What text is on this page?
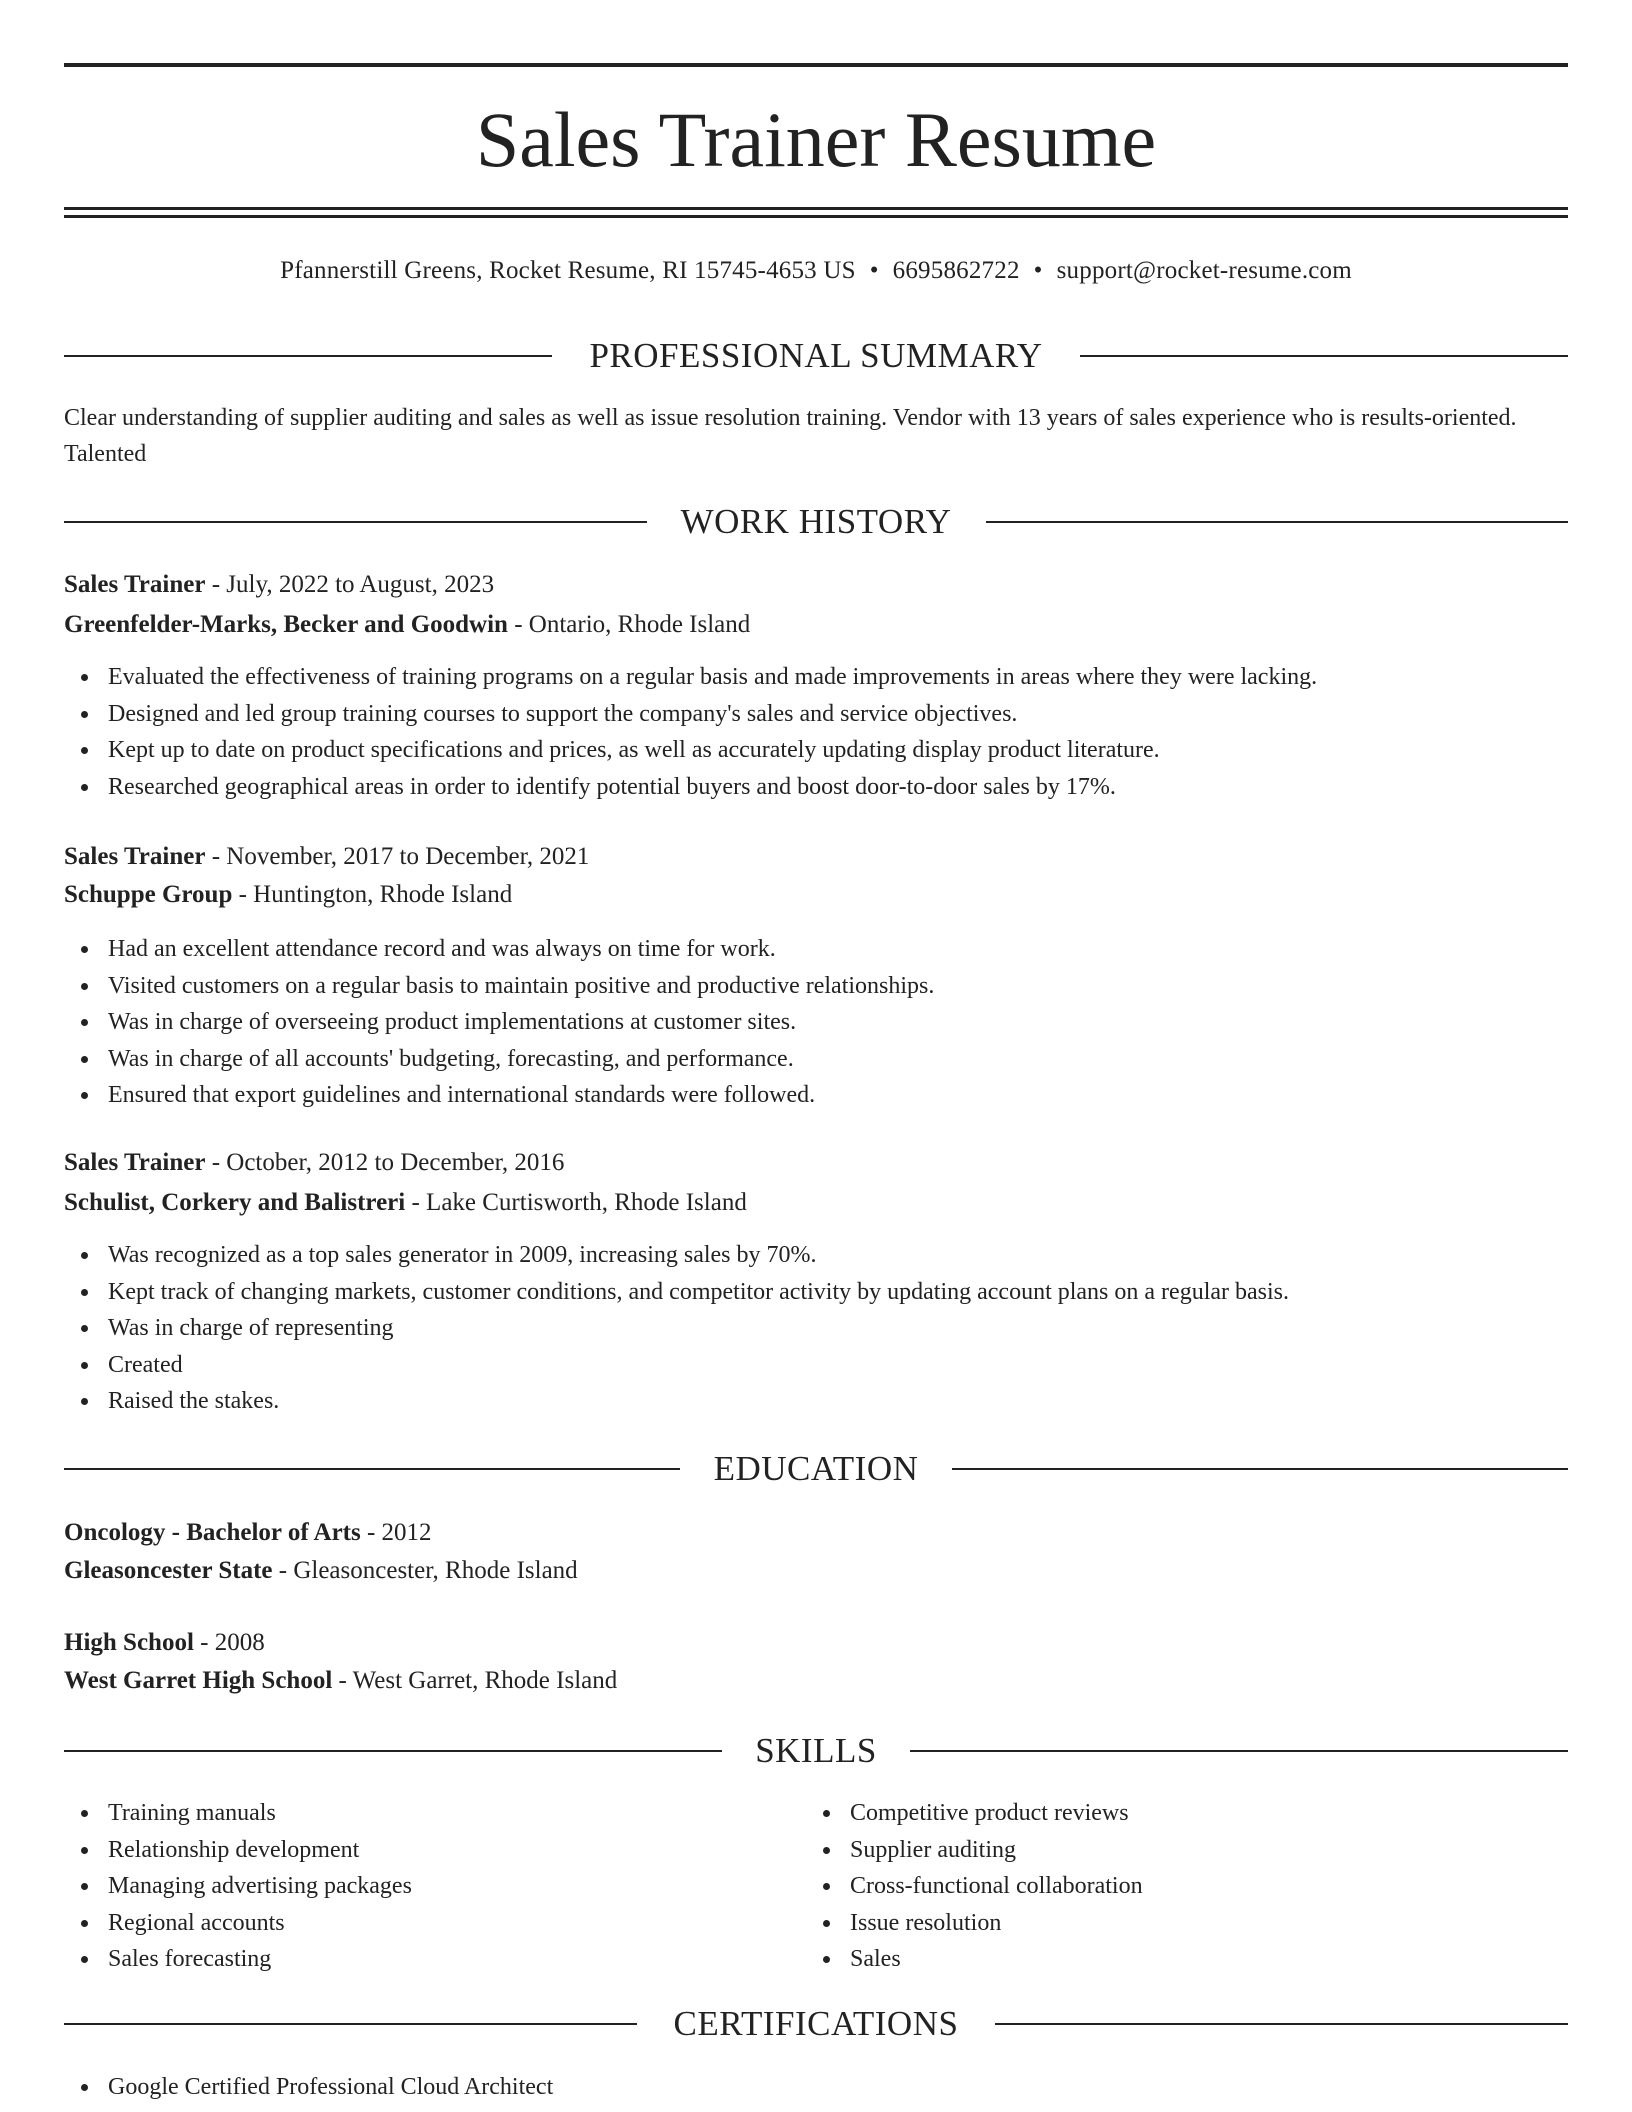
Sales Trainer Resume
Pfannerstill Greens, Rocket Resume, RI 15745-4653 US • 6695862722 • support@rocket-resume.com
PROFESSIONAL SUMMARY
Clear understanding of supplier auditing and sales as well as issue resolution training. Vendor with 13 years of sales experience who is results-oriented. Talented
WORK HISTORY
Sales Trainer - July, 2022 to August, 2023
Greenfelder-Marks, Becker and Goodwin - Ontario, Rhode Island
Evaluated the effectiveness of training programs on a regular basis and made improvements in areas where they were lacking.
Designed and led group training courses to support the company's sales and service objectives.
Kept up to date on product specifications and prices, as well as accurately updating display product literature.
Researched geographical areas in order to identify potential buyers and boost door-to-door sales by 17%.
Sales Trainer - November, 2017 to December, 2021
Schuppe Group - Huntington, Rhode Island
Had an excellent attendance record and was always on time for work.
Visited customers on a regular basis to maintain positive and productive relationships.
Was in charge of overseeing product implementations at customer sites.
Was in charge of all accounts' budgeting, forecasting, and performance.
Ensured that export guidelines and international standards were followed.
Sales Trainer - October, 2012 to December, 2016
Schulist, Corkery and Balistreri - Lake Curtisworth, Rhode Island
Was recognized as a top sales generator in 2009, increasing sales by 70%.
Kept track of changing markets, customer conditions, and competitor activity by updating account plans on a regular basis.
Was in charge of representing
Created
Raised the stakes.
EDUCATION
Oncology - Bachelor of Arts - 2012
Gleasoncester State - Gleasoncester, Rhode Island
High School - 2008
West Garret High School - West Garret, Rhode Island
SKILLS
Training manuals
Relationship development
Managing advertising packages
Regional accounts
Sales forecasting
Competitive product reviews
Supplier auditing
Cross-functional collaboration
Issue resolution
Sales
CERTIFICATIONS
Google Certified Professional Cloud Architect
